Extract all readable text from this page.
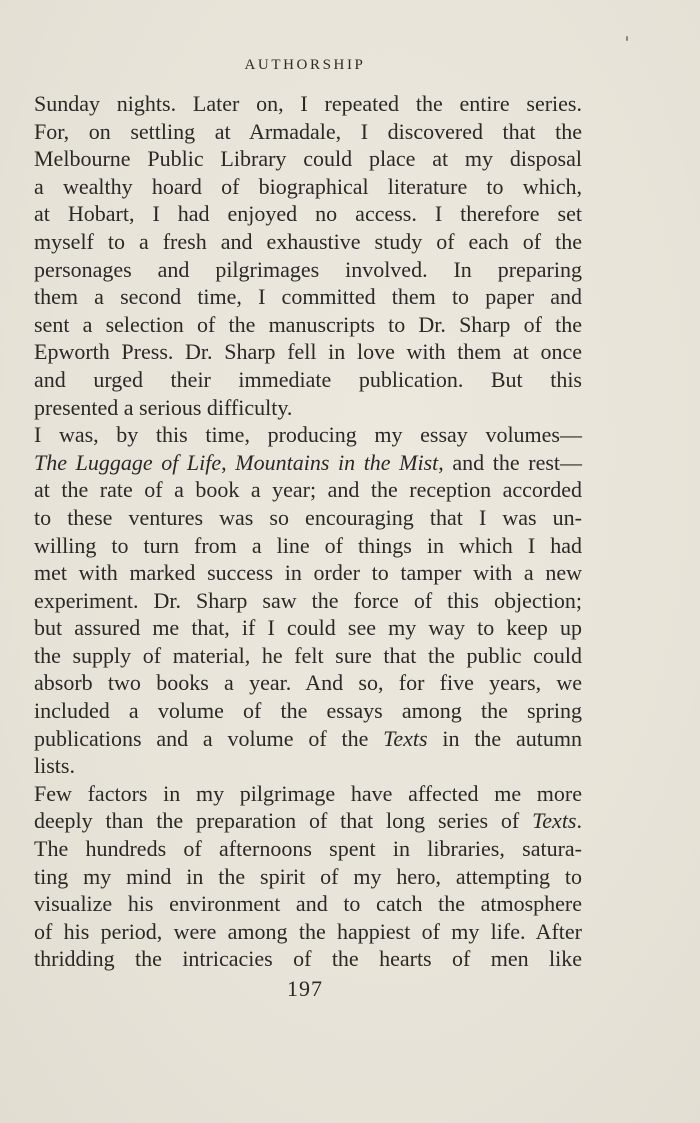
AUTHORSHIP
Sunday nights. Later on, I repeated the entire series.
For, on settling at Armadale, I discovered that the
Melbourne Public Library could place at my disposal
a wealthy hoard of biographical literature to which,
at Hobart, I had enjoyed no access. I therefore set
myself to a fresh and exhaustive study of each of the
personages and pilgrimages involved. In preparing
them a second time, I committed them to paper and
sent a selection of the manuscripts to Dr. Sharp of the
Epworth Press. Dr. Sharp fell in love with them at once
and urged their immediate publication. But this
presented a serious difficulty.
I was, by this time, producing my essay volumes—
The Luggage of Life, Mountains in the Mist, and the rest—
at the rate of a book a year; and the reception accorded
to these ventures was so encouraging that I was un-
willing to turn from a line of things in which I had
met with marked success in order to tamper with a new
experiment. Dr. Sharp saw the force of this objection;
but assured me that, if I could see my way to keep up
the supply of material, he felt sure that the public could
absorb two books a year. And so, for five years, we
included a volume of the essays among the spring
publications and a volume of the Texts in the autumn
lists.
Few factors in my pilgrimage have affected me more
deeply than the preparation of that long series of Texts.
The hundreds of afternoons spent in libraries, satura-
ting my mind in the spirit of my hero, attempting to
visualize his environment and to catch the atmosphere
of his period, were among the happiest of my life. After
thridding the intricacies of the hearts of men like
197
